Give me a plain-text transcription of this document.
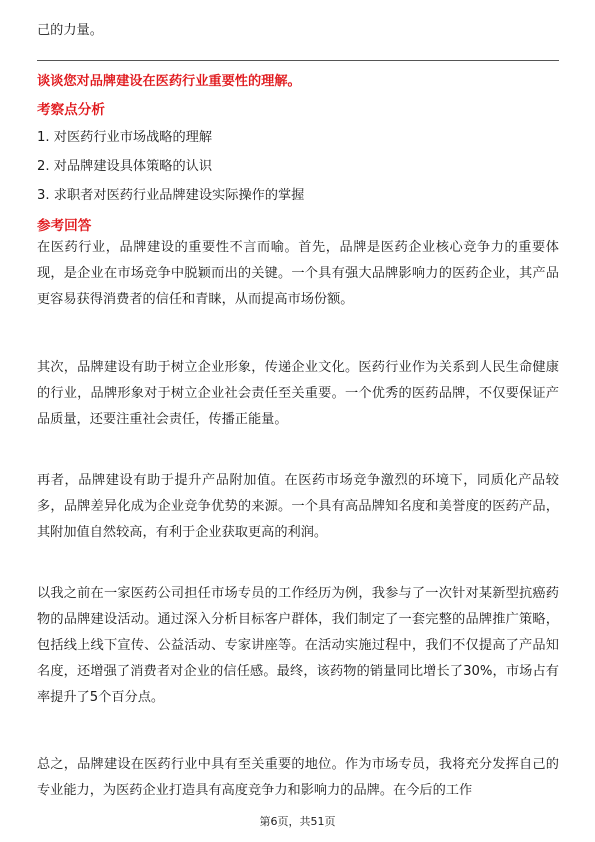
己的力量。
谈谈您对品牌建设在医药行业重要性的理解。
考察点分析
1. 对医药行业市场战略的理解
2. 对品牌建设具体策略的认识
3. 求职者对医药行业品牌建设实际操作的掌握
参考回答

在医药行业，品牌建设的重要性不言而喻。首先，品牌是医药企业核心竞争力的重要体现，是企业在市场竞争中脱颖而出的关键。一个具有强大品牌影响力的医药企业，其产品更容易获得消费者的信任和青睐，从而提高市场份额。

其次，品牌建设有助于树立企业形象，传递企业文化。医药行业作为关系到人民生命健康的行业，品牌形象对于树立企业社会责任至关重要。一个优秀的医药品牌，不仅要保证产品质量，还要注重社会责任，传播正能量。

再者，品牌建设有助于提升产品附加值。在医药市场竞争激烈的环境下，同质化产品较多，品牌差异化成为企业竞争优势的来源。一个具有高品牌知名度和美誉度的医药产品，其附加值自然较高，有利于企业获取更高的利润。

以我之前在一家医药公司担任市场专员的工作经历为例，我参与了一次针对某新型抗癌药物的品牌建设活动。通过深入分析目标客户群体，我们制定了一套完整的品牌推广策略，包括线上线下宣传、公益活动、专家讲座等。在活动实施过程中，我们不仅提高了产品知名度，还增强了消费者对企业的信任感。最终，该药物的销量同比增长了30%，市场占有率提升了5个百分点。

总之，品牌建设在医药行业中具有至关重要的地位。作为市场专员，我将充分发挥自己的专业能力，为医药企业打造具有高度竞争力和影响力的品牌。在今后的工作

第6页，共51页
